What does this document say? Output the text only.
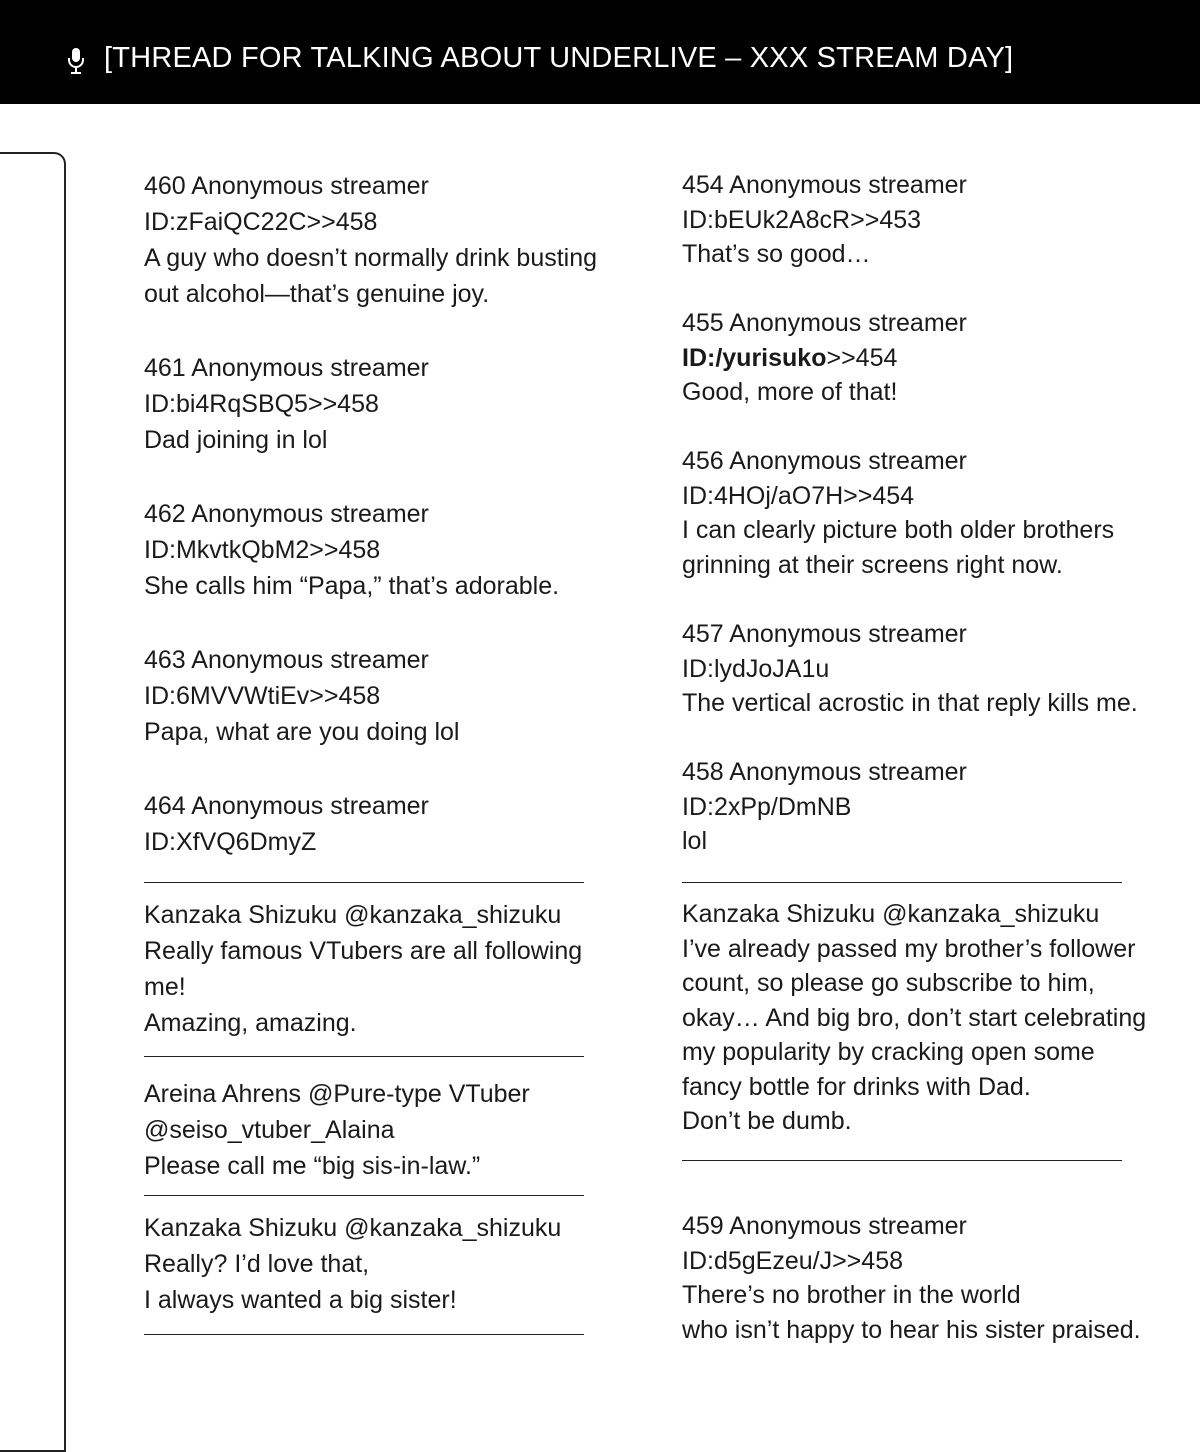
[THREAD FOR TALKING ABOUT UNDERLIVE – XXX STREAM DAY]
460 Anonymous streamer
ID:zFaiQC22C>>458
A guy who doesn’t normally drink busting
out alcohol—that’s genuine joy.
461 Anonymous streamer
ID:bi4RqSBQ5>>458
Dad joining in lol
462 Anonymous streamer
ID:MkvtkQbM2>>458
She calls him “Papa,” that’s adorable.
463 Anonymous streamer
ID:6MVVWtiEv>>458
Papa, what are you doing lol
464 Anonymous streamer
ID:XfVQ6DmyZ
Kanzaka Shizuku @kanzaka_shizuku
Really famous VTubers are all following
me!
Amazing, amazing.
Areina Ahrens @Pure-type VTuber
@seiso_vtuber_Alaina
Please call me “big sis-in-law.”
Kanzaka Shizuku @kanzaka_shizuku
Really? I’d love that,
I always wanted a big sister!
454 Anonymous streamer
ID:bEUk2A8cR>>453
That’s so good…
455 Anonymous streamer
ID:/yurisuko>>454
Good, more of that!
456 Anonymous streamer
ID:4HOj/aO7H>>454
I can clearly picture both older brothers
grinning at their screens right now.
457 Anonymous streamer
ID:lydJoJA1u
The vertical acrostic in that reply kills me.
458 Anonymous streamer
ID:2xPp/DmNB
lol
Kanzaka Shizuku @kanzaka_shizuku
I’ve already passed my brother’s follower
count, so please go subscribe to him,
okay… And big bro, don’t start celebrating
my popularity by cracking open some
fancy bottle for drinks with Dad.
Don’t be dumb.
459 Anonymous streamer
ID:d5gEzeu/J>>458
There’s no brother in the world
who isn’t happy to hear his sister praised.
